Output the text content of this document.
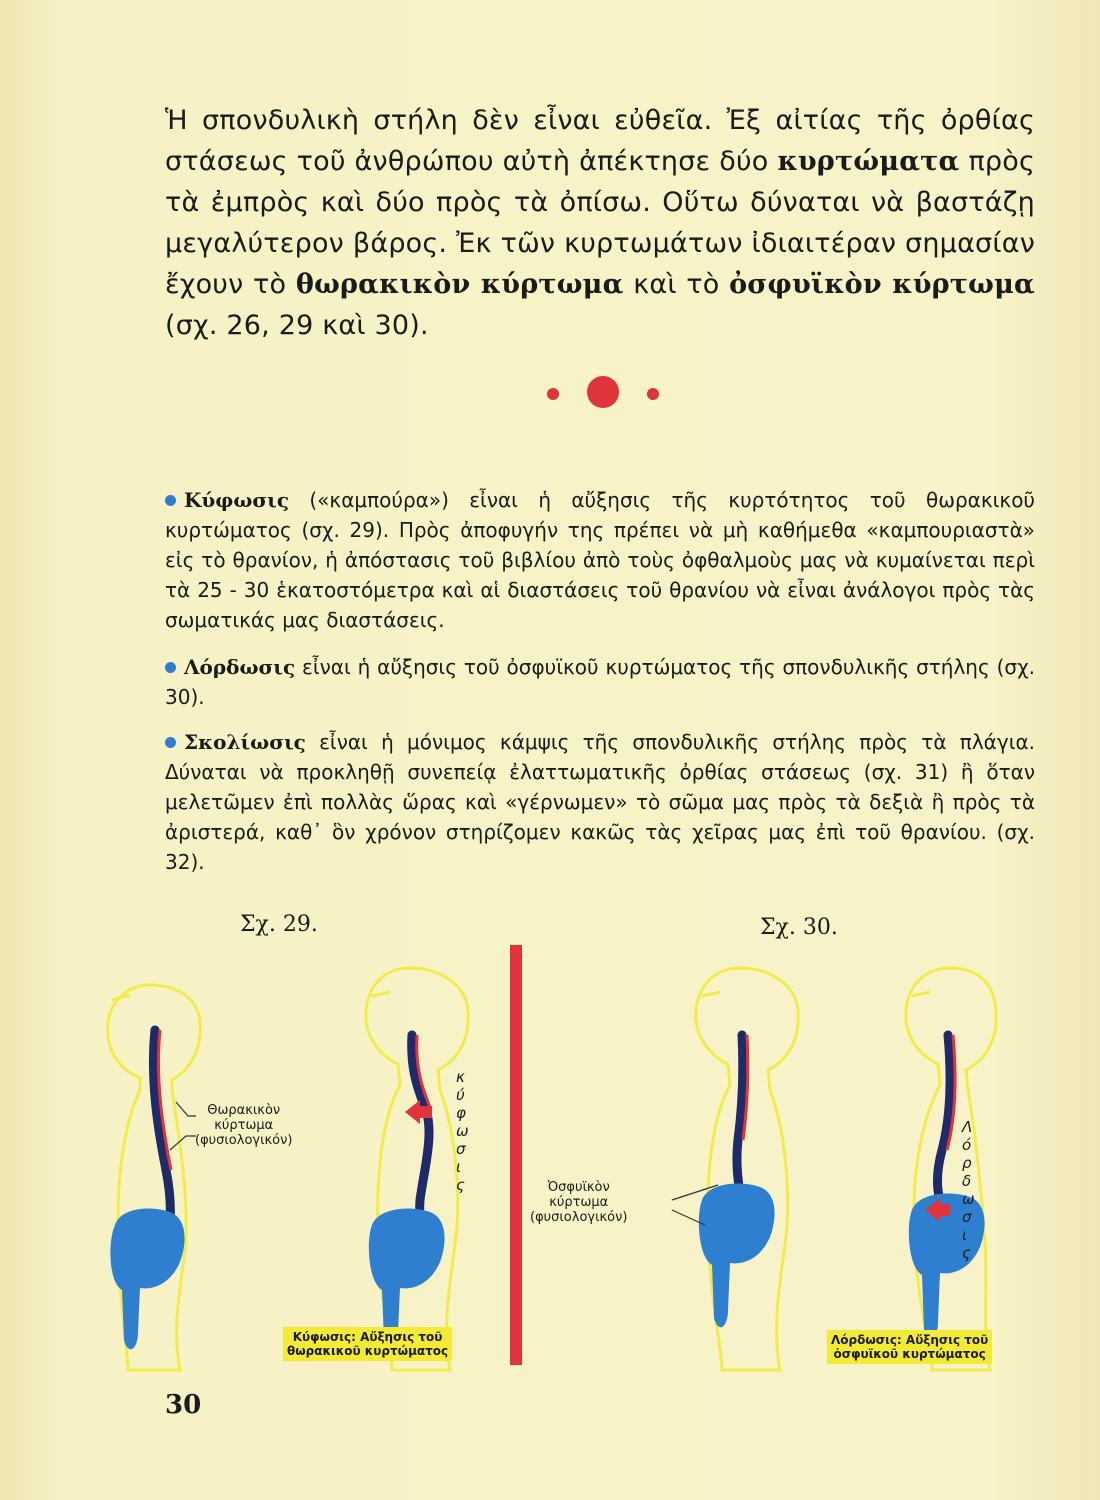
Ἡ σπονδυλικὴ στήλη δὲν εἶναι εὐθεῖα. Ἐξ αἰτίας τῆς ὀρθίας στάσεως τοῦ ἀνθρώπου αὐτὴ ἀπέκτησε δύο κυρτώματα πρὸς τὰ ἐμπρὸς καὶ δύο πρὸς τὰ ὀπίσω. Οὕτω δύναται νὰ βαστάζῃ μεγαλύτερον βάρος. Ἐκ τῶν κυρτωμάτων ἰδιαιτέραν σημασίαν ἔχουν τὸ θωρακικὸν κύρτωμα καὶ τὸ ὀσφυϊκὸν κύρτωμα (σχ. 26, 29 καὶ 30).
Κύφωσις («καμπούρα») εἶναι ἡ αὔξησις τῆς κυρτότητος τοῦ θωρακικοῦ κυρτώματος (σχ. 29). Πρὸς ἀποφυγήν της πρέπει νὰ μὴ καθήμεθα «καμπουριαστὰ» εἰς τὸ θρανίον, ἡ ἀπόστασις τοῦ βιβλίου ἀπὸ τοὺς ὀφθαλμοὺς μας νὰ κυμαίνεται περὶ τὰ 25 - 30 ἑκατοστόμετρα καὶ αἱ διαστάσεις τοῦ θρανίου νὰ εἶναι ἀνάλογοι πρὸς τὰς σωματικάς μας διαστάσεις.
Λόρδωσις εἶναι ἡ αὔξησις τοῦ ὀσφυϊκοῦ κυρτώματος τῆς σπονδυλικῆς στήλης (σχ. 30).
Σκολίωσις εἶναι ἡ μόνιμος κάμψις τῆς σπονδυλικῆς στήλης πρὸς τὰ πλάγια. Δύναται νὰ προκληθῇ συνεπείᾳ ἐλαττωματικῆς ὀρθίας στάσεως (σχ. 31) ἢ ὅταν μελετῶμεν ἐπὶ πολλὰς ὥρας καὶ «γέρνωμεν» τὸ σῶμα μας πρὸς τὰ δεξιὰ ἢ πρὸς τὰ ἀριστερά, καθ᾽ ὃν χρόνον στηρίζομεν κακῶς τὰς χεῖρας μας ἐπὶ τοῦ θρανίου. (σχ. 32).
Σχ. 29.	Σχ. 30.
Θωρακικὸν
κύρτωμα
(φυσιολογικόν)
Ὀσφυϊκὸν
κύρτωμα
(φυσιολογικόν)
κ
ύ
φ
ω
σ
ι
ς
Λ
ό
ρ
δ
ω
σ
ι
ς
Κύφωσις: Αὔξησις τοῦ
θωρακικοῦ κυρτώματος
Λόρδωσις: Αὔξησις τοῦ
ὀσφυϊκοῦ κυρτώματος
30
